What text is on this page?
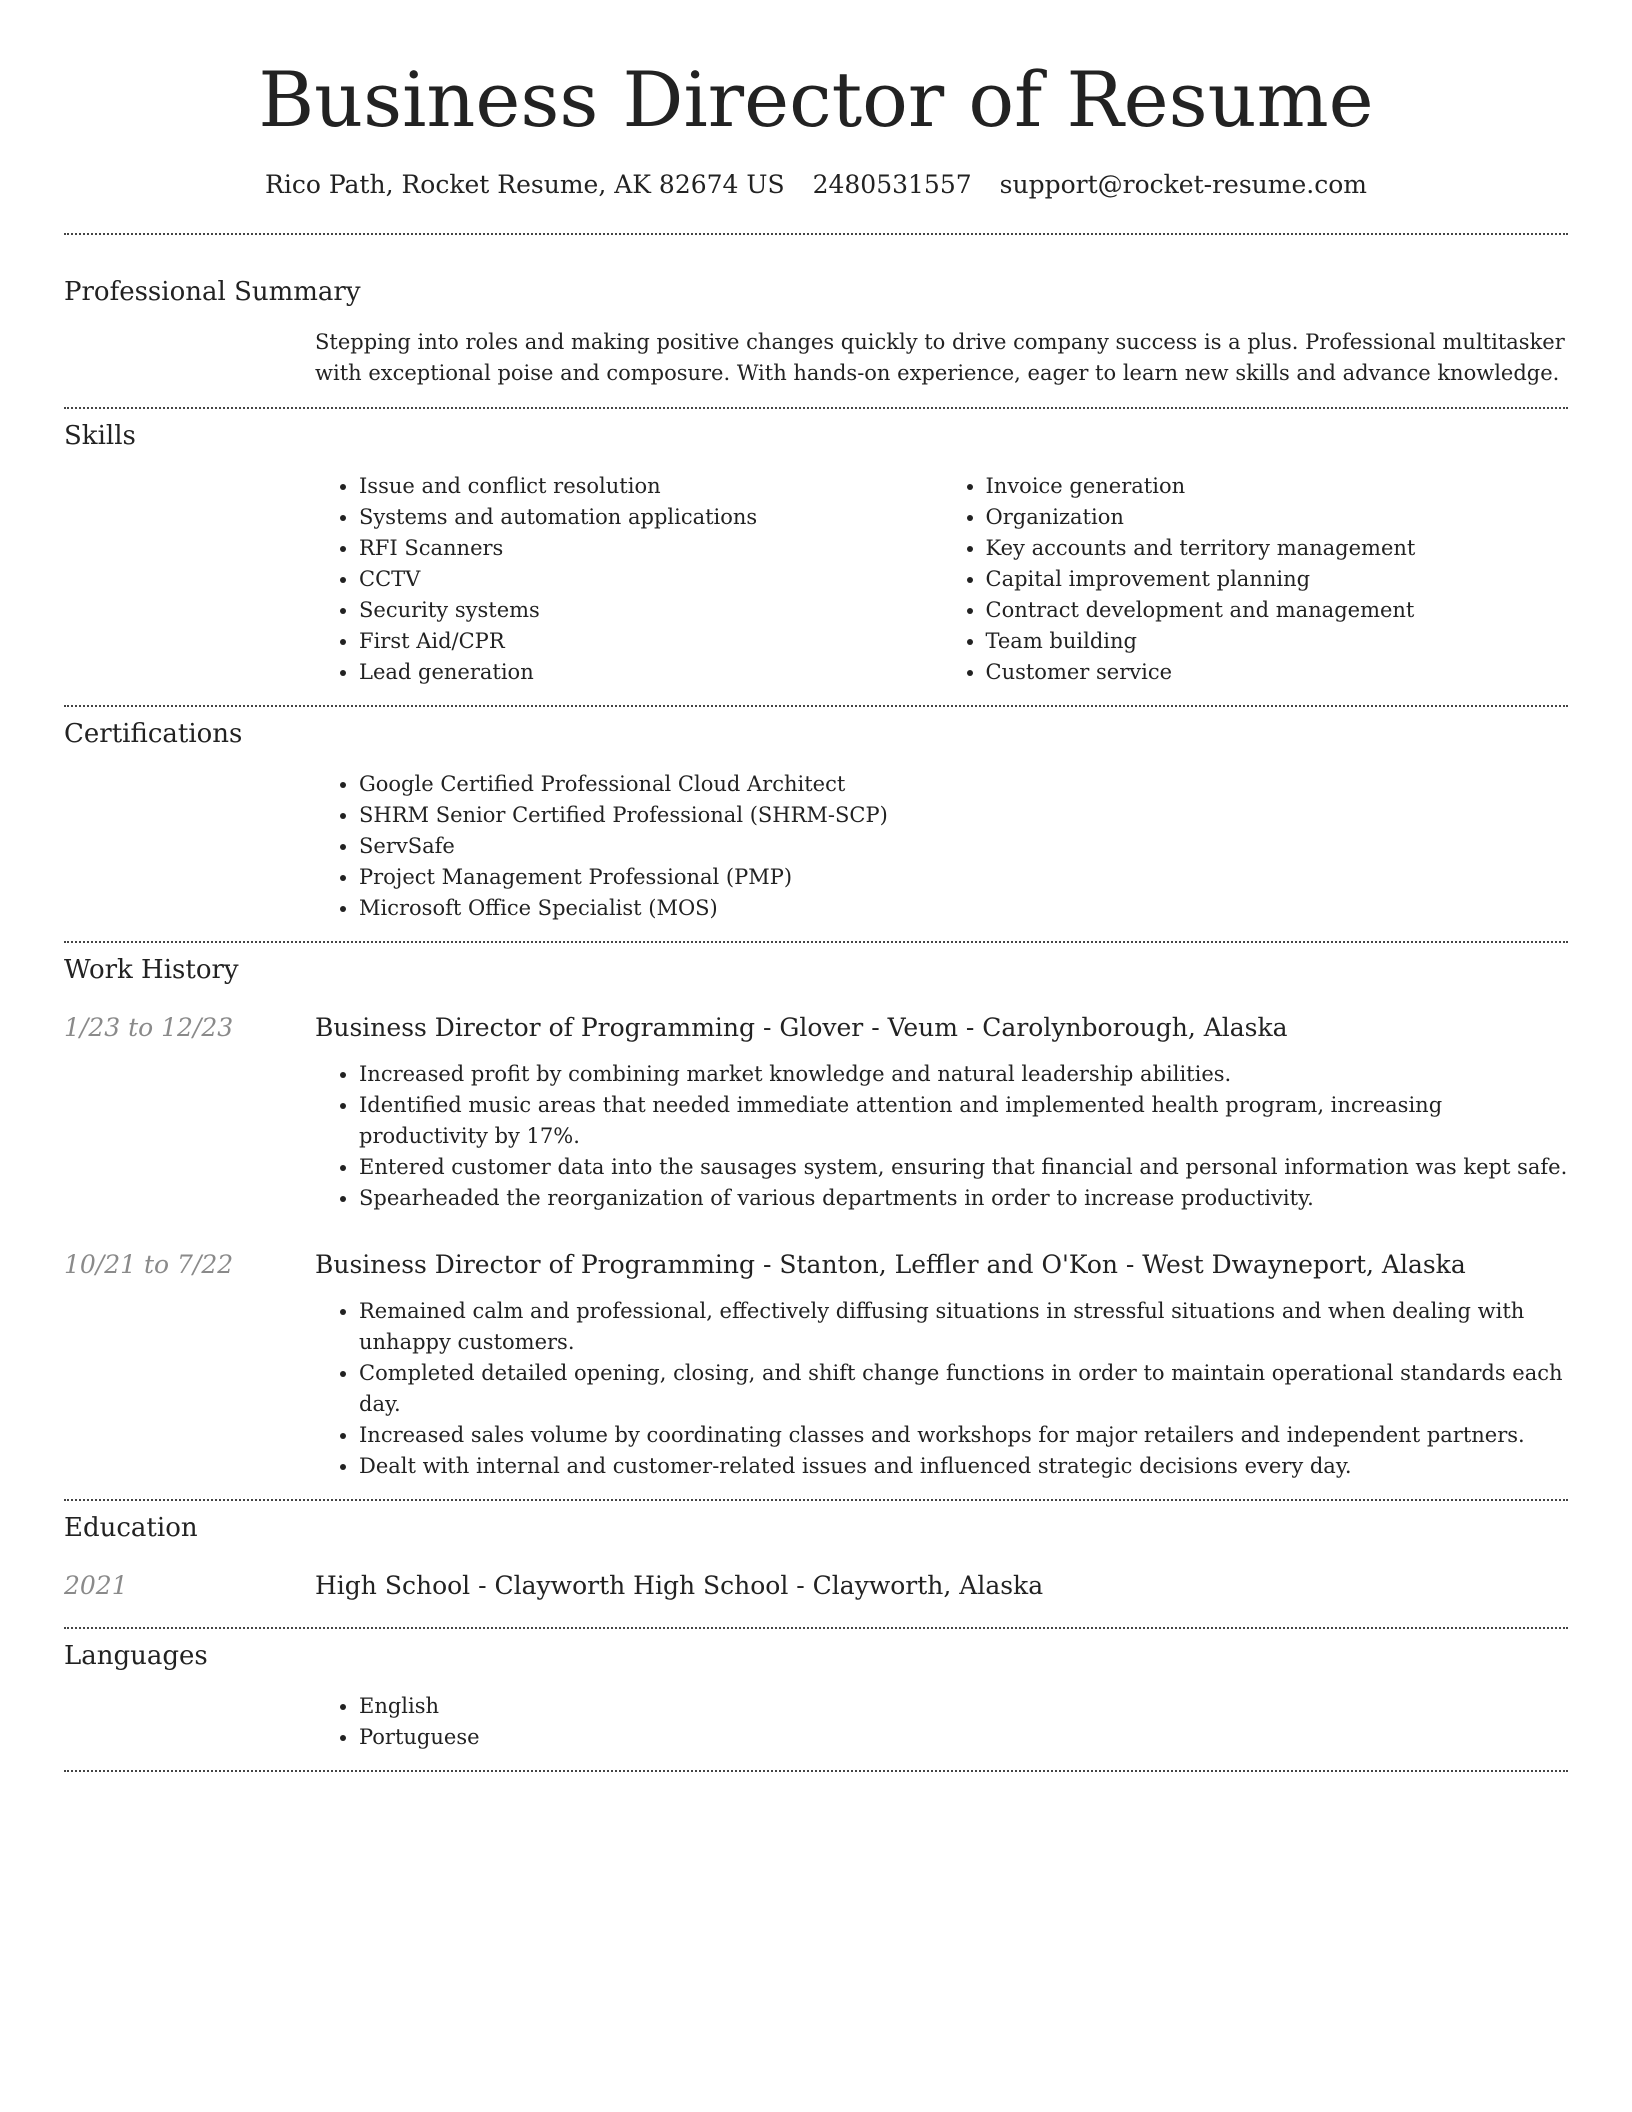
Business Director of Resume
Rico Path, Rocket Resume, AK 82674 US 2480531557 support@rocket-resume.com
Professional Summary

Stepping into roles and making positive changes quickly to drive company success is a plus. Professional multitasker with exceptional poise and composure. With hands-on experience, eager to learn new skills and advance knowledge.

Skills
• Issue and conflict resolution
• Systems and automation applications
• RFI Scanners
• CCTV
• Security systems
• First Aid/CPR
• Lead generation
• Invoice generation
• Organization
• Key accounts and territory management
• Capital improvement planning
• Contract development and management
• Team building
• Customer service
Certifications
• Google Certified Professional Cloud Architect
• SHRM Senior Certified Professional (SHRM-SCP)
• ServSafe
• Project Management Professional (PMP)
• Microsoft Office Specialist (MOS)
Work History
1/23 to 12/23	Business Director of Programming - Glover - Veum - Carolynborough, Alaska
• Increased profit by combining market knowledge and natural leadership abilities.
• Identified music areas that needed immediate attention and implemented health program, increasing productivity by 17%.
• Entered customer data into the sausages system, ensuring that financial and personal information was kept safe.
• Spearheaded the reorganization of various departments in order to increase productivity.
10/21 to 7/22	Business Director of Programming - Stanton, Leffler and O'Kon - West Dwayneport, Alaska
• Remained calm and professional, effectively diffusing situations in stressful situations and when dealing with unhappy customers.
• Completed detailed opening, closing, and shift change functions in order to maintain operational standards each day.
• Increased sales volume by coordinating classes and workshops for major retailers and independent partners.
• Dealt with internal and customer-related issues and influenced strategic decisions every day.
Education
2021	High School - Clayworth High School - Clayworth, Alaska
Languages
• English
• Portuguese
